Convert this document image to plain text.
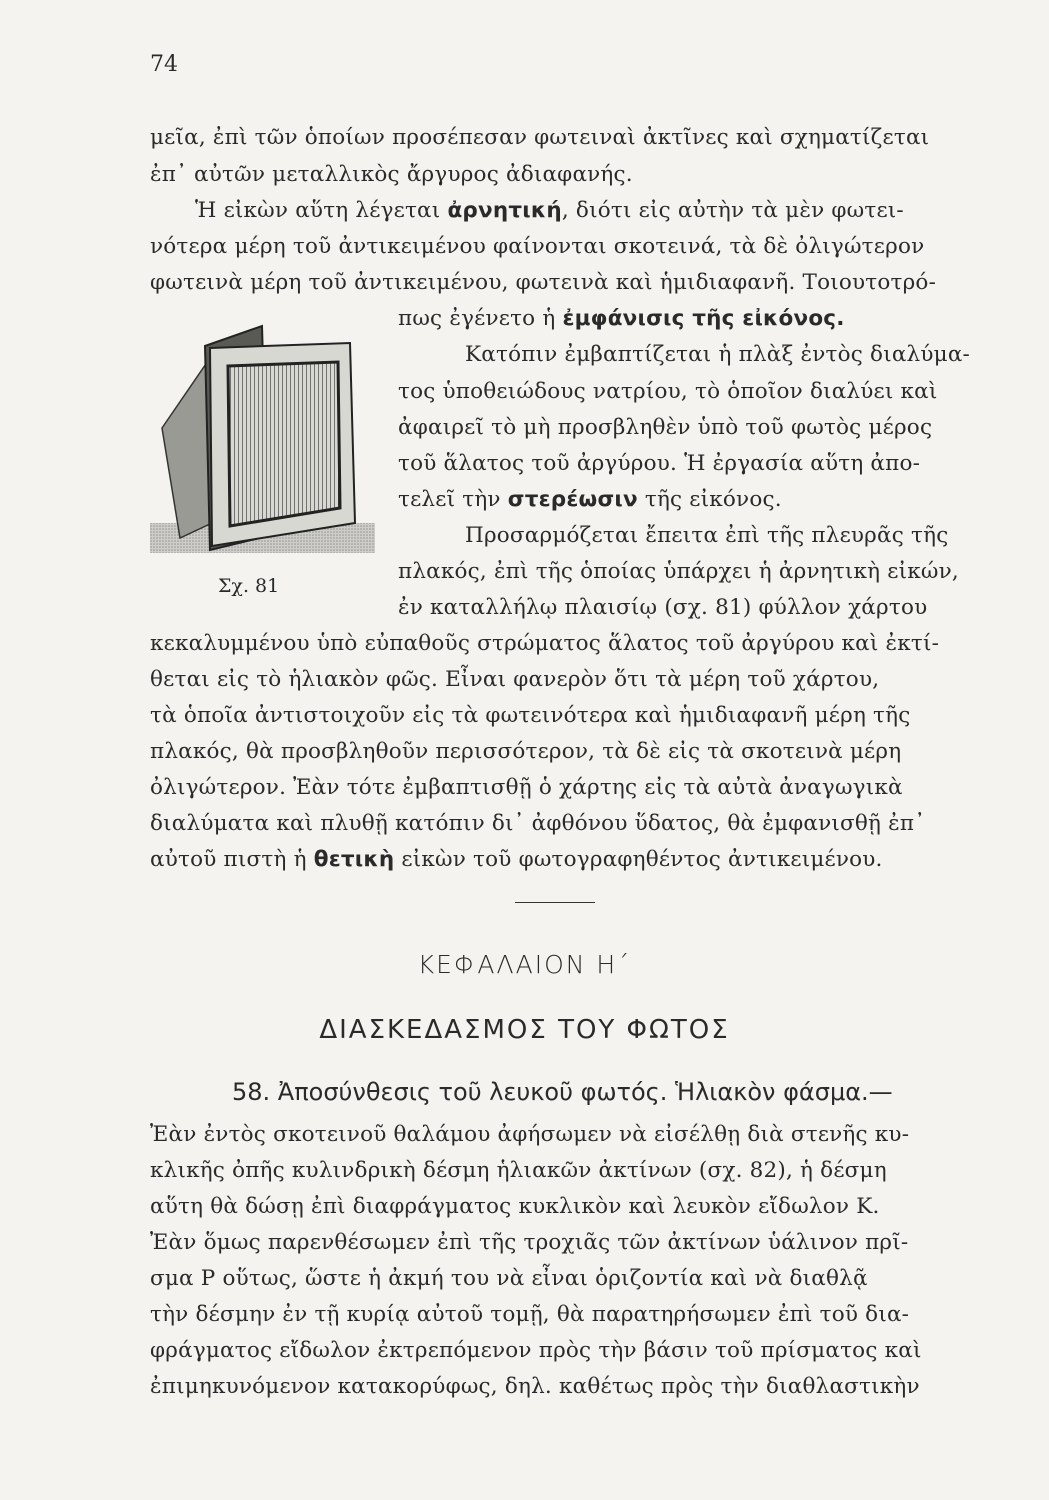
74
μεῖα, ἐπὶ τῶν ὁποίων προσέπεσαν φωτειναὶ ἀκτῖνες καὶ σχηματίζεται
ἐπ᾽ αὐτῶν μεταλλικὸς ἄργυρος ἀδιαφανής.
Ἡ εἰκὼν αὕτη λέγεται ἀρνητική, διότι εἰς αὐτὴν τὰ μὲν φωτει-
νότερα μέρη τοῦ ἀντικειμένου φαίνονται σκοτεινά, τὰ δὲ ὀλιγώτερον
φωτεινὰ μέρη τοῦ ἀντικειμένου, φωτεινὰ καὶ ἡμιδιαφανῆ. Τοιουτοτρό-
πως ἐγένετο ἡ ἐμφάνισις τῆς εἰκόνος.
Κατόπιν ἐμβαπτίζεται ἡ πλὰξ ἐντὸς διαλύμα-
τος ὑποθειώδους νατρίου, τὸ ὁποῖον διαλύει καὶ
ἀφαιρεῖ τὸ μὴ προσβληθὲν ὑπὸ τοῦ φωτὸς μέρος
τοῦ ἅλατος τοῦ ἀργύρου. Ἡ ἐργασία αὕτη ἀπο-
τελεῖ τὴν στερέωσιν τῆς εἰκόνος.
Σχ. 81
Προσαρμόζεται ἔπειτα ἐπὶ τῆς πλευρᾶς τῆς
πλακός, ἐπὶ τῆς ὁποίας ὑπάρχει ἡ ἀρνητικὴ εἰκών,
ἐν καταλλήλῳ πλαισίῳ (σχ. 81) φύλλον χάρτου
κεκαλυμμένου ὑπὸ εὐπαθοῦς στρώματος ἅλατος τοῦ ἀργύρου καὶ ἐκτί-
θεται εἰς τὸ ἡλιακὸν φῶς. Εἶναι φανερὸν ὅτι τὰ μέρη τοῦ χάρτου,
τὰ ὁποῖα ἀντιστοιχοῦν εἰς τὰ φωτεινότερα καὶ ἡμιδιαφανῆ μέρη τῆς
πλακός, θὰ προσβληθοῦν περισσότερον, τὰ δὲ εἰς τὰ σκοτεινὰ μέρη
ὀλιγώτερον. Ἐὰν τότε ἐμβαπτισθῇ ὁ χάρτης εἰς τὰ αὐτὰ ἀναγωγικὰ
διαλύματα καὶ πλυθῇ κατόπιν δι᾽ ἀφθόνου ὕδατος, θὰ ἐμφανισθῇ ἐπ᾽
αὐτοῦ πιστὴ ἡ θετικὴ εἰκὼν τοῦ φωτογραφηθέντος ἀντικειμένου.
ΚΕΦΑΛΑΙΟΝ Η΄
ΔΙΑΣΚΕΔΑΣΜΟΣ ΤΟΥ ΦΩΤΟΣ
58. Ἀποσύνθεσις τοῦ λευκοῦ φωτός. Ἡλιακὸν φάσμα.—
Ἐὰν ἐντὸς σκοτεινοῦ θαλάμου ἀφήσωμεν νὰ εἰσέλθῃ διὰ στενῆς κυ-
κλικῆς ὀπῆς κυλινδρικὴ δέσμη ἡλιακῶν ἀκτίνων (σχ. 82), ἡ δέσμη
αὕτη θὰ δώσῃ ἐπὶ διαφράγματος κυκλικὸν καὶ λευκὸν εἴδωλον Κ.
Ἐὰν ὅμως παρενθέσωμεν ἐπὶ τῆς τροχιᾶς τῶν ἀκτίνων ὑάλινον πρῖ-
σμα Ρ οὕτως, ὥστε ἡ ἀκμή του νὰ εἶναι ὁριζοντία καὶ νὰ διαθλᾷ
τὴν δέσμην ἐν τῇ κυρίᾳ αὐτοῦ τομῇ, θὰ παρατηρήσωμεν ἐπὶ τοῦ δια-
φράγματος εἴδωλον ἐκτρεπόμενον πρὸς τὴν βάσιν τοῦ πρίσματος καὶ
ἐπιμηκυνόμενον κατακορύφως, δηλ. καθέτως πρὸς τὴν διαθλαστικὴν
